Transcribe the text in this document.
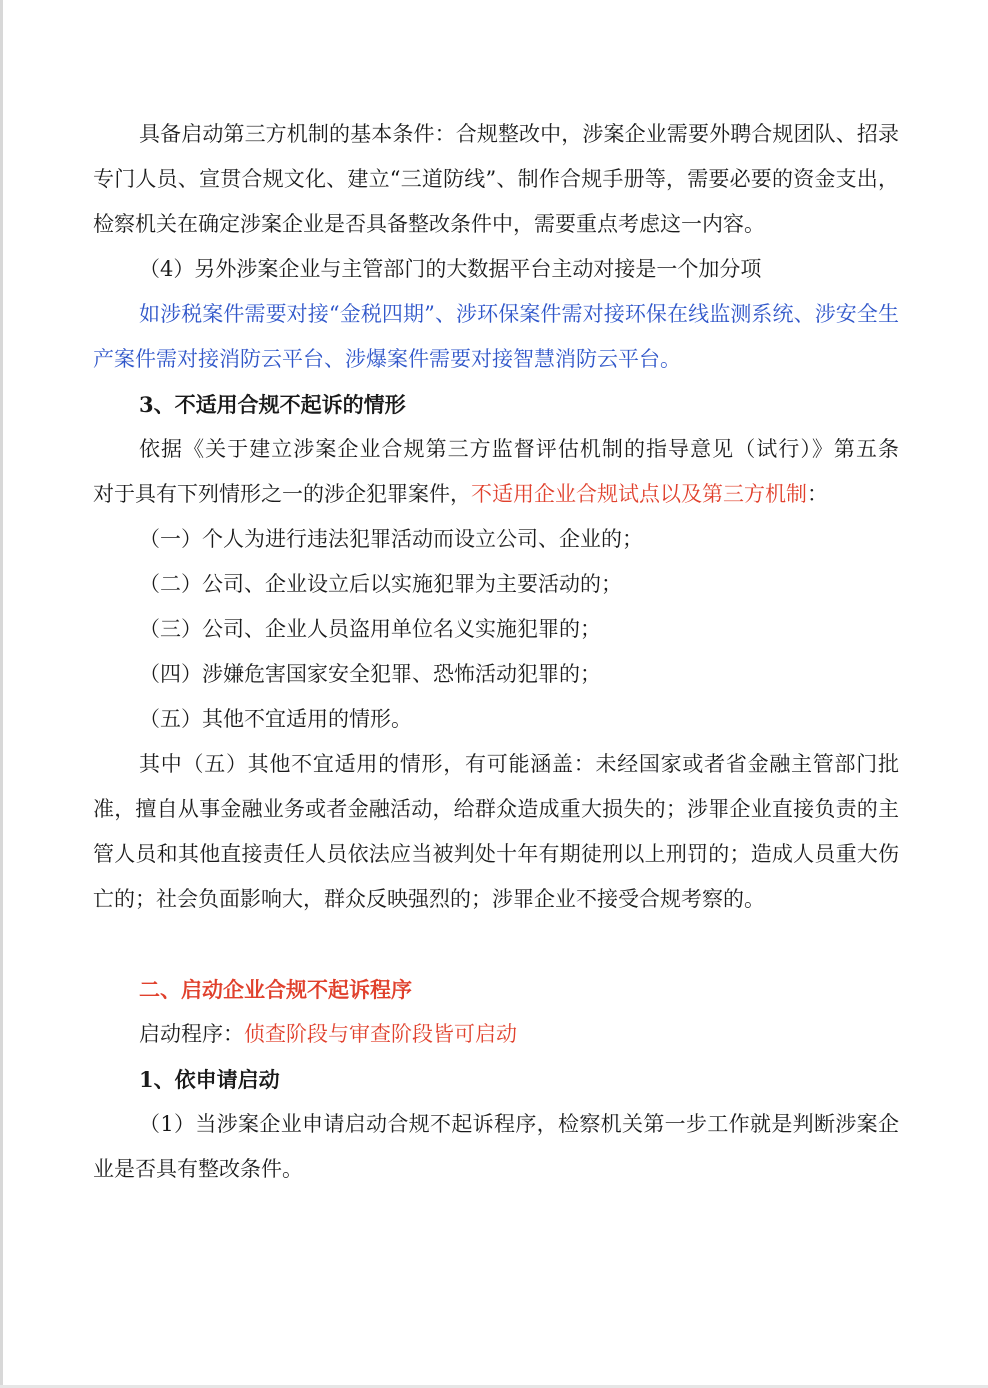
具备启动第三方机制的基本条件：合规整改中，涉案企业需要外聘合规团队、招录专门人员、宣贯合规文化、建立“三道防线”、制作合规手册等，需要必要的资金支出，检察机关在确定涉案企业是否具备整改条件中，需要重点考虑这一内容。

（4）另外涉案企业与主管部门的大数据平台主动对接是一个加分项

如涉税案件需要对接“金税四期”、涉环保案件需对接环保在线监测系统、涉安全生产案件需对接消防云平台、涉爆案件需要对接智慧消防云平台。

3、不适用合规不起诉的情形

依据《关于建立涉案企业合规第三方监督评估机制的指导意见（试行）》第五条　对于具有下列情形之一的涉企犯罪案件，不适用企业合规试点以及第三方机制：

（一）个人为进行违法犯罪活动而设立公司、企业的；

（二）公司、企业设立后以实施犯罪为主要活动的；

（三）公司、企业人员盗用单位名义实施犯罪的；

（四）涉嫌危害国家安全犯罪、恐怖活动犯罪的；

（五）其他不宜适用的情形。

其中（五）其他不宜适用的情形，有可能涵盖：未经国家或者省金融主管部门批准，擅自从事金融业务或者金融活动，给群众造成重大损失的；涉罪企业直接负责的主管人员和其他直接责任人员依法应当被判处十年有期徒刑以上刑罚的；造成人员重大伤亡的；社会负面影响大，群众反映强烈的；涉罪企业不接受合规考察的。

二、启动企业合规不起诉程序

启动程序：侦查阶段与审查阶段皆可启动

1、依申请启动

（1）当涉案企业申请启动合规不起诉程序，检察机关第一步工作就是判断涉案企业是否具有整改条件。
